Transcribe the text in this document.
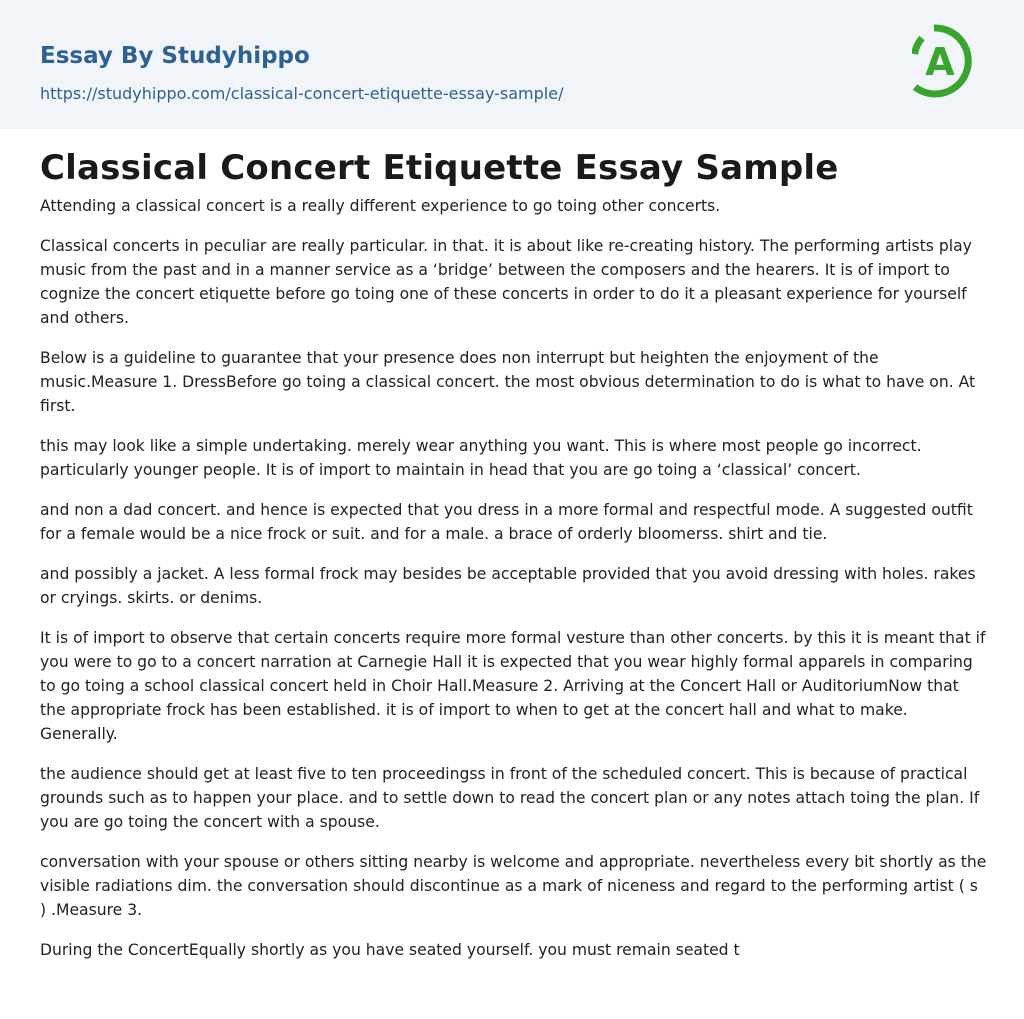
Essay By Studyhippo
https://studyhippo.com/classical-concert-etiquette-essay-sample/
A
Classical Concert Etiquette Essay Sample

Attending a classical concert is a really different experience to go toing other concerts.

Classical concerts in peculiar are really particular. in that. it is about like re-creating history. The performing artists play music from the past and in a manner service as a ‘bridge’ between the composers and the hearers. It is of import to cognize the concert etiquette before go toing one of these concerts in order to do it a pleasant experience for yourself and others.

Below is a guideline to guarantee that your presence does non interrupt but heighten the enjoyment of the music.Measure 1. DressBefore go toing a classical concert. the most obvious determination to do is what to have on. At first.

this may look like a simple undertaking. merely wear anything you want. This is where most people go incorrect. particularly younger people. It is of import to maintain in head that you are go toing a ‘classical’ concert.

and non a dad concert. and hence is expected that you dress in a more formal and respectful mode. A suggested outfit for a female would be a nice frock or suit. and for a male. a brace of orderly bloomerss. shirt and tie.

and possibly a jacket. A less formal frock may besides be acceptable provided that you avoid dressing with holes. rakes or cryings. skirts. or denims.

It is of import to observe that certain concerts require more formal vesture than other concerts. by this it is meant that if you were to go to a concert narration at Carnegie Hall it is expected that you wear highly formal apparels in comparing to go toing a school classical concert held in Choir Hall.Measure 2. Arriving at the Concert Hall or AuditoriumNow that the appropriate frock has been established. it is of import to when to get at the concert hall and what to make. Generally.

the audience should get at least five to ten proceedingss in front of the scheduled concert. This is because of practical grounds such as to happen your place. and to settle down to read the concert plan or any notes attach toing the plan. If you are go toing the concert with a spouse.

conversation with your spouse or others sitting nearby is welcome and appropriate. nevertheless every bit shortly as the visible radiations dim. the conversation should discontinue as a mark of niceness and regard to the performing artist ( s ) .Measure 3.

During the ConcertEqually shortly as you have seated yourself. you must remain seated t
